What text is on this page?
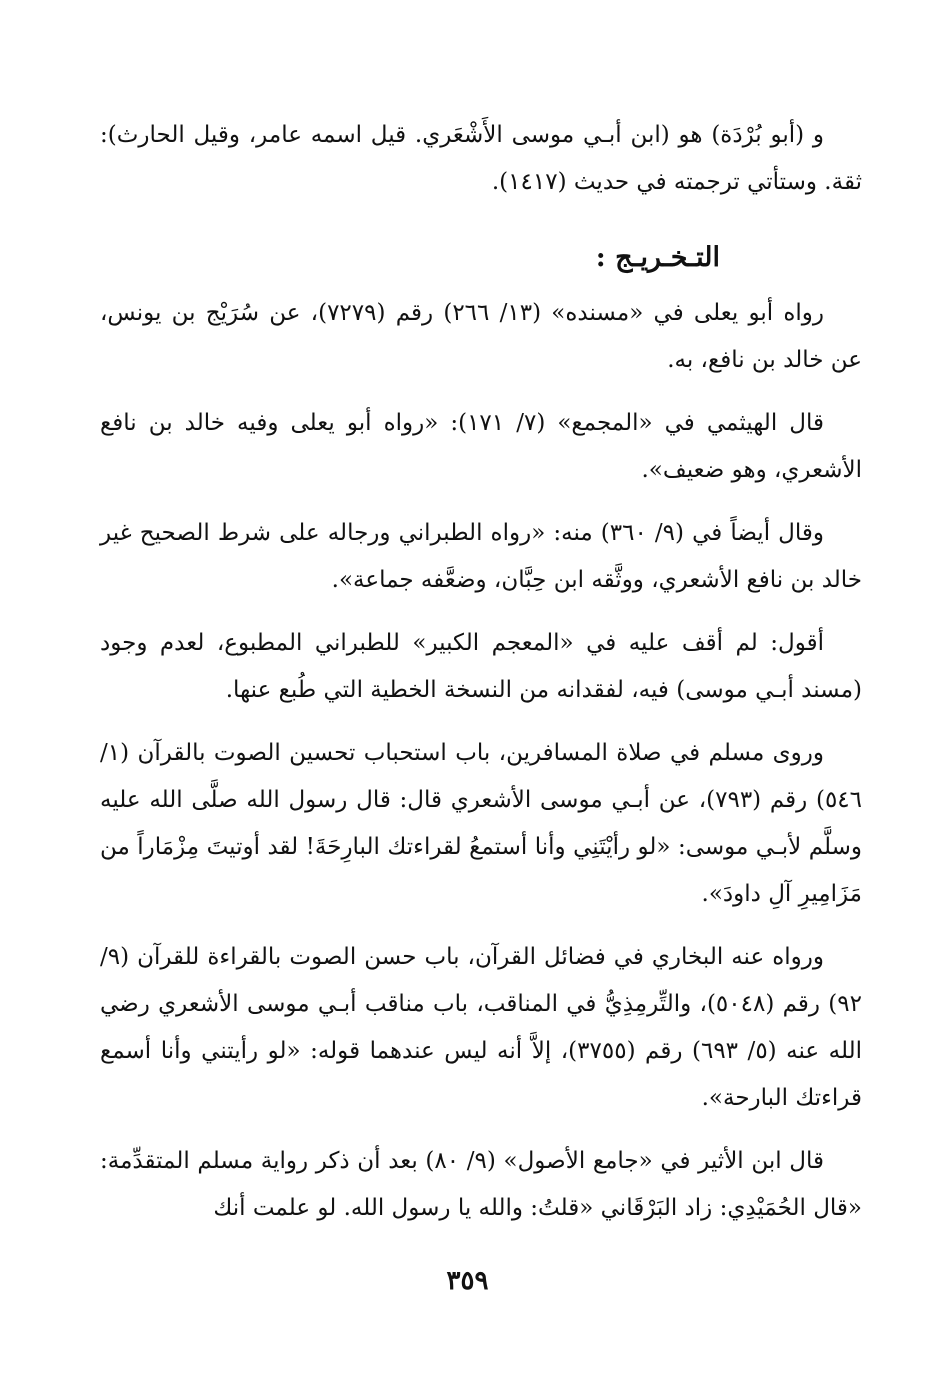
و (أبو بُرْدَة) هو (ابن أبـي موسى الأَشْعَري. قيل اسمه عامر، وقيل الحارث): ثقة. وستأتي ترجمته في حديث (١٤١٧).

التـخـريـج :

رواه أبو يعلى في «مسنده» (١٣/ ٢٦٦) رقم (٧٢٧٩)، عن سُرَيْج بن يونس، عن خالد بن نافع، به.

قال الهيثمي في «المجمع» (٧/ ١٧١): «رواه أبو يعلى وفيه خالد بن نافع الأشعري، وهو ضعيف».

وقال أيضاً في (٩/ ٣٦٠) منه: «رواه الطبراني ورجاله على شرط الصحيح غير خالد بن نافع الأشعري، ووثَّقه ابن حِبَّان، وضعَّفه جماعة».

أقول: لم أقف عليه في «المعجم الكبير» للطبراني المطبوع، لعدم وجود (مسند أبـي موسى) فيه، لفقدانه من النسخة الخطية التي طُبع عنها.

وروى مسلم في صلاة المسافرين، باب استحباب تحسين الصوت بالقرآن (١/ ٥٤٦) رقم (٧٩٣)، عن أبـي موسى الأشعري قال: قال رسول الله صلَّى الله عليه وسلَّم لأبـي موسى: «لو رأيْتَنِي وأنا أستمعُ لقراءتك البارِحَةَ! لقد أوتيتَ مِزْمَاراً من مَزَامِيرِ آلِ داودَ».

ورواه عنه البخاري في فضائل القرآن، باب حسن الصوت بالقراءة للقرآن (٩/ ٩٢) رقم (٥٠٤٨)، والتِّرمِذِيُّ في المناقب، باب مناقب أبـي موسى الأشعري رضي الله عنه (٥/ ٦٩٣) رقم (٣٧٥٥)، إلاَّ أنه ليس عندهما قوله: «لو رأيتني وأنا أسمع قراءتك البارحة».

قال ابن الأثير في «جامع الأصول» (٩/ ٨٠) بعد أن ذكر رواية مسلم المتقدِّمة: «قال الحُمَيْدِي: زاد البَرْقَاني «قلتُ: والله يا رسول الله. لو علمت أنك

٣٥٩
